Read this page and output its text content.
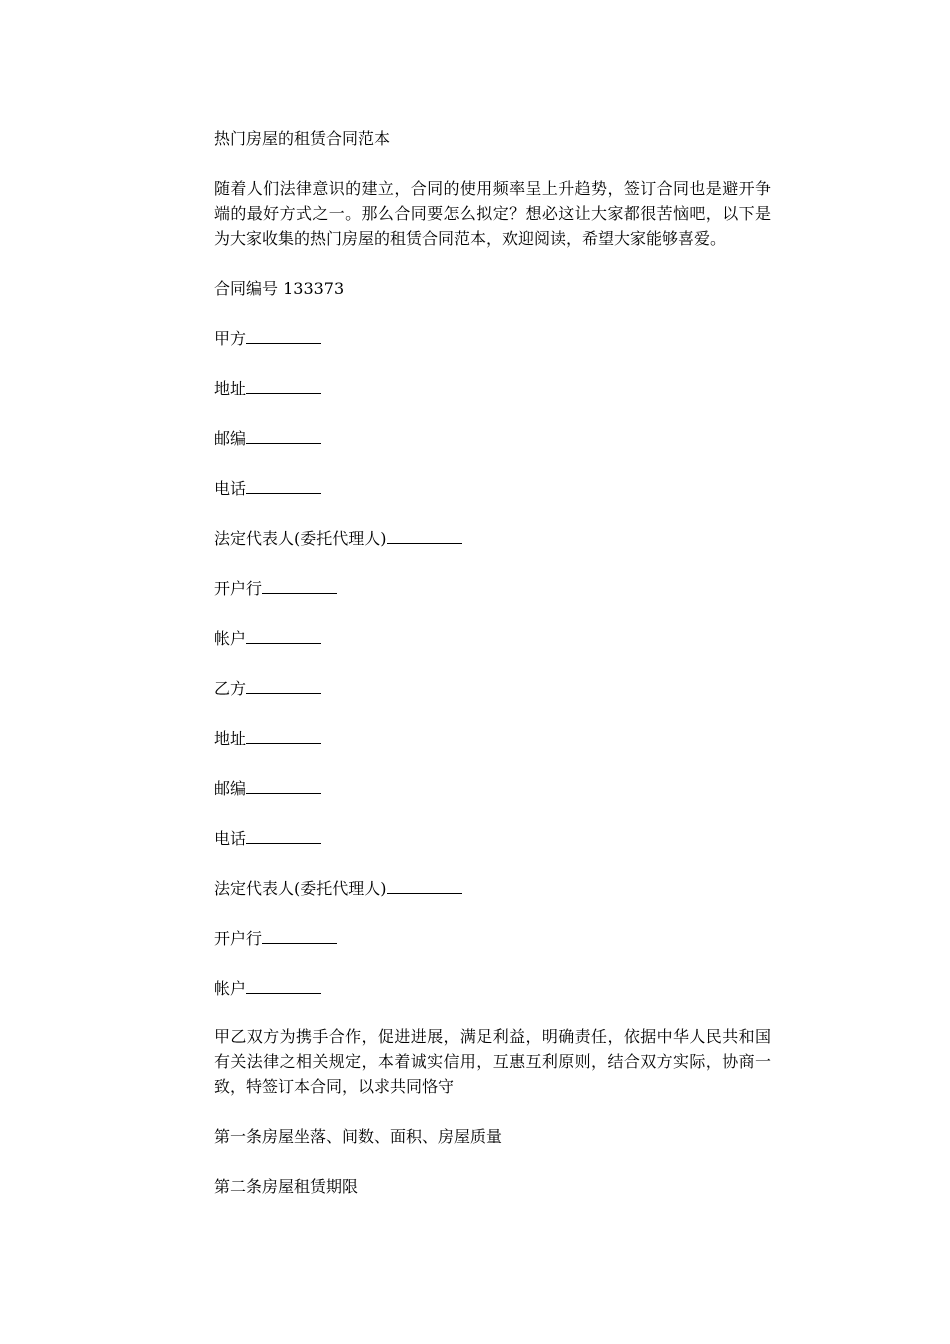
热门房屋的租赁合同范本
随着人们法律意识的建立，合同的使用频率呈上升趋势，签订合同也是避开争端的最好方式之一。那么合同要怎么拟定？想必这让大家都很苦恼吧，以下是为大家收集的热门房屋的租赁合同范本，欢迎阅读，希望大家能够喜爱。
合同编号 133373
甲方
地址
邮编
电话
法定代表人(委托代理人)
开户行
帐户
乙方
地址
邮编
电话
法定代表人(委托代理人)
开户行
帐户
甲乙双方为携手合作，促进进展，满足利益，明确责任，依据中华人民共和国有关法律之相关规定，本着诚实信用，互惠互利原则，结合双方实际，协商一致，特签订本合同，以求共同恪守
第一条房屋坐落、间数、面积、房屋质量
第二条房屋租赁期限
